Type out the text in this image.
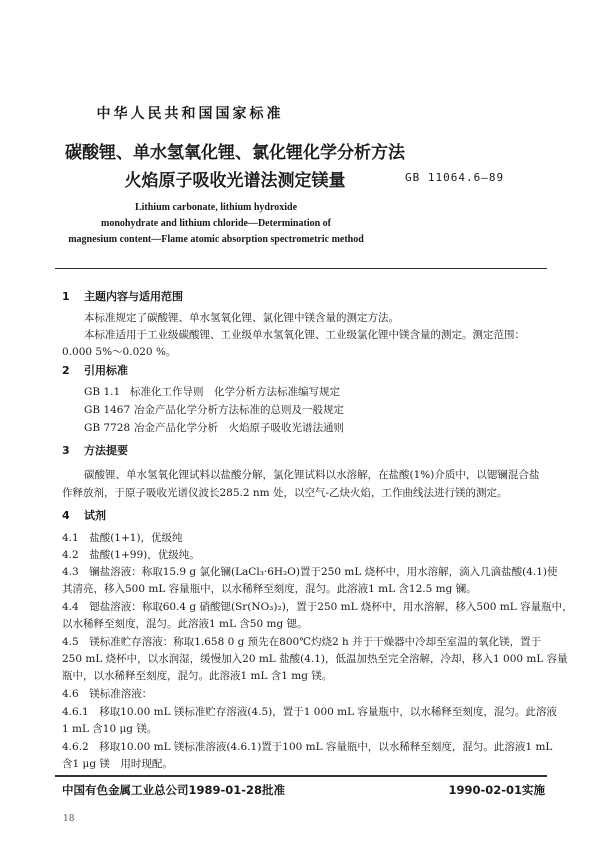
中华人民共和国国家标准
碳酸锂、单水氢氧化锂、氯化锂化学分析方法
火焰原子吸收光谱法测定镁量	GB 11064.6—89
Lithium carbonate, lithium hydroxide
monohydrate and lithium chloride—Determination of
magnesium content—Flame atomic absorption spectrometric method
1 主题内容与适用范围
本标准规定了碳酸锂、单水氢氧化锂、氯化锂中镁含量的测定方法。
本标准适用于工业级碳酸锂、工业级单水氢氧化锂、工业级氯化锂中镁含量的测定。测定范围：
0.000 5%～0.020 %。
2 引用标准
GB 1.1 标准化工作导则　化学分析方法标准编写规定
GB 1467 冶金产品化学分析方法标准的总则及一般规定
GB 7728 冶金产品化学分析　火焰原子吸收光谱法通则
3 方法提要
碳酸锂、单水氢氧化锂试料以盐酸分解，氯化锂试料以水溶解，在盐酸(1%)介质中，以锶镧混合盐
作释放剂，于原子吸收光谱仪波长285.2 nm 处，以空气-乙炔火焰，工作曲线法进行镁的测定。
4 试剂
4.1　盐酸(1+1)，优级纯
4.2　盐酸(1+99)，优级纯。
4.3　镧盐溶液：称取15.9 g 氯化镧(LaCl₃·6H₂O)置于250 mL 烧杯中，用水溶解，滴入几滴盐酸(4.1)使
其清亮，移入500 mL 容量瓶中，以水稀释至刻度，混匀。此溶液1 mL 含12.5 mg 镧。
4.4　锶盐溶液：称取60.4 g 硝酸锶(Sr(NO₃)₂)，置于250 mL 烧杯中，用水溶解，移入500 mL 容量瓶中，
以水稀释至刻度，混匀。此溶液1 mL 含50 mg 锶。
4.5　镁标准贮存溶液：称取1.658 0 g 预先在800℃灼烧2 h 并于干燥器中冷却至室温的氧化镁，置于
250 mL 烧杯中，以水润湿，缓慢加入20 mL 盐酸(4.1)，低温加热至完全溶解，冷却，移入1 000 mL 容量
瓶中，以水稀释至刻度，混匀。此溶液1 mL 含1 mg 镁。
4.6　镁标准溶液：
4.6.1　移取10.00 mL 镁标准贮存溶液(4.5)，置于1 000 mL 容量瓶中，以水稀释至刻度，混匀。此溶液
1 mL 含10 μg 镁。
4.6.2　移取10.00 mL 镁标准溶液(4.6.1)置于100 mL 容量瓶中，以水稀释至刻度，混匀。此溶液1 mL
含1 μg 镁　用时现配。
中国有色金属工业总公司1989-01-28批准	1990-02-01实施
18
